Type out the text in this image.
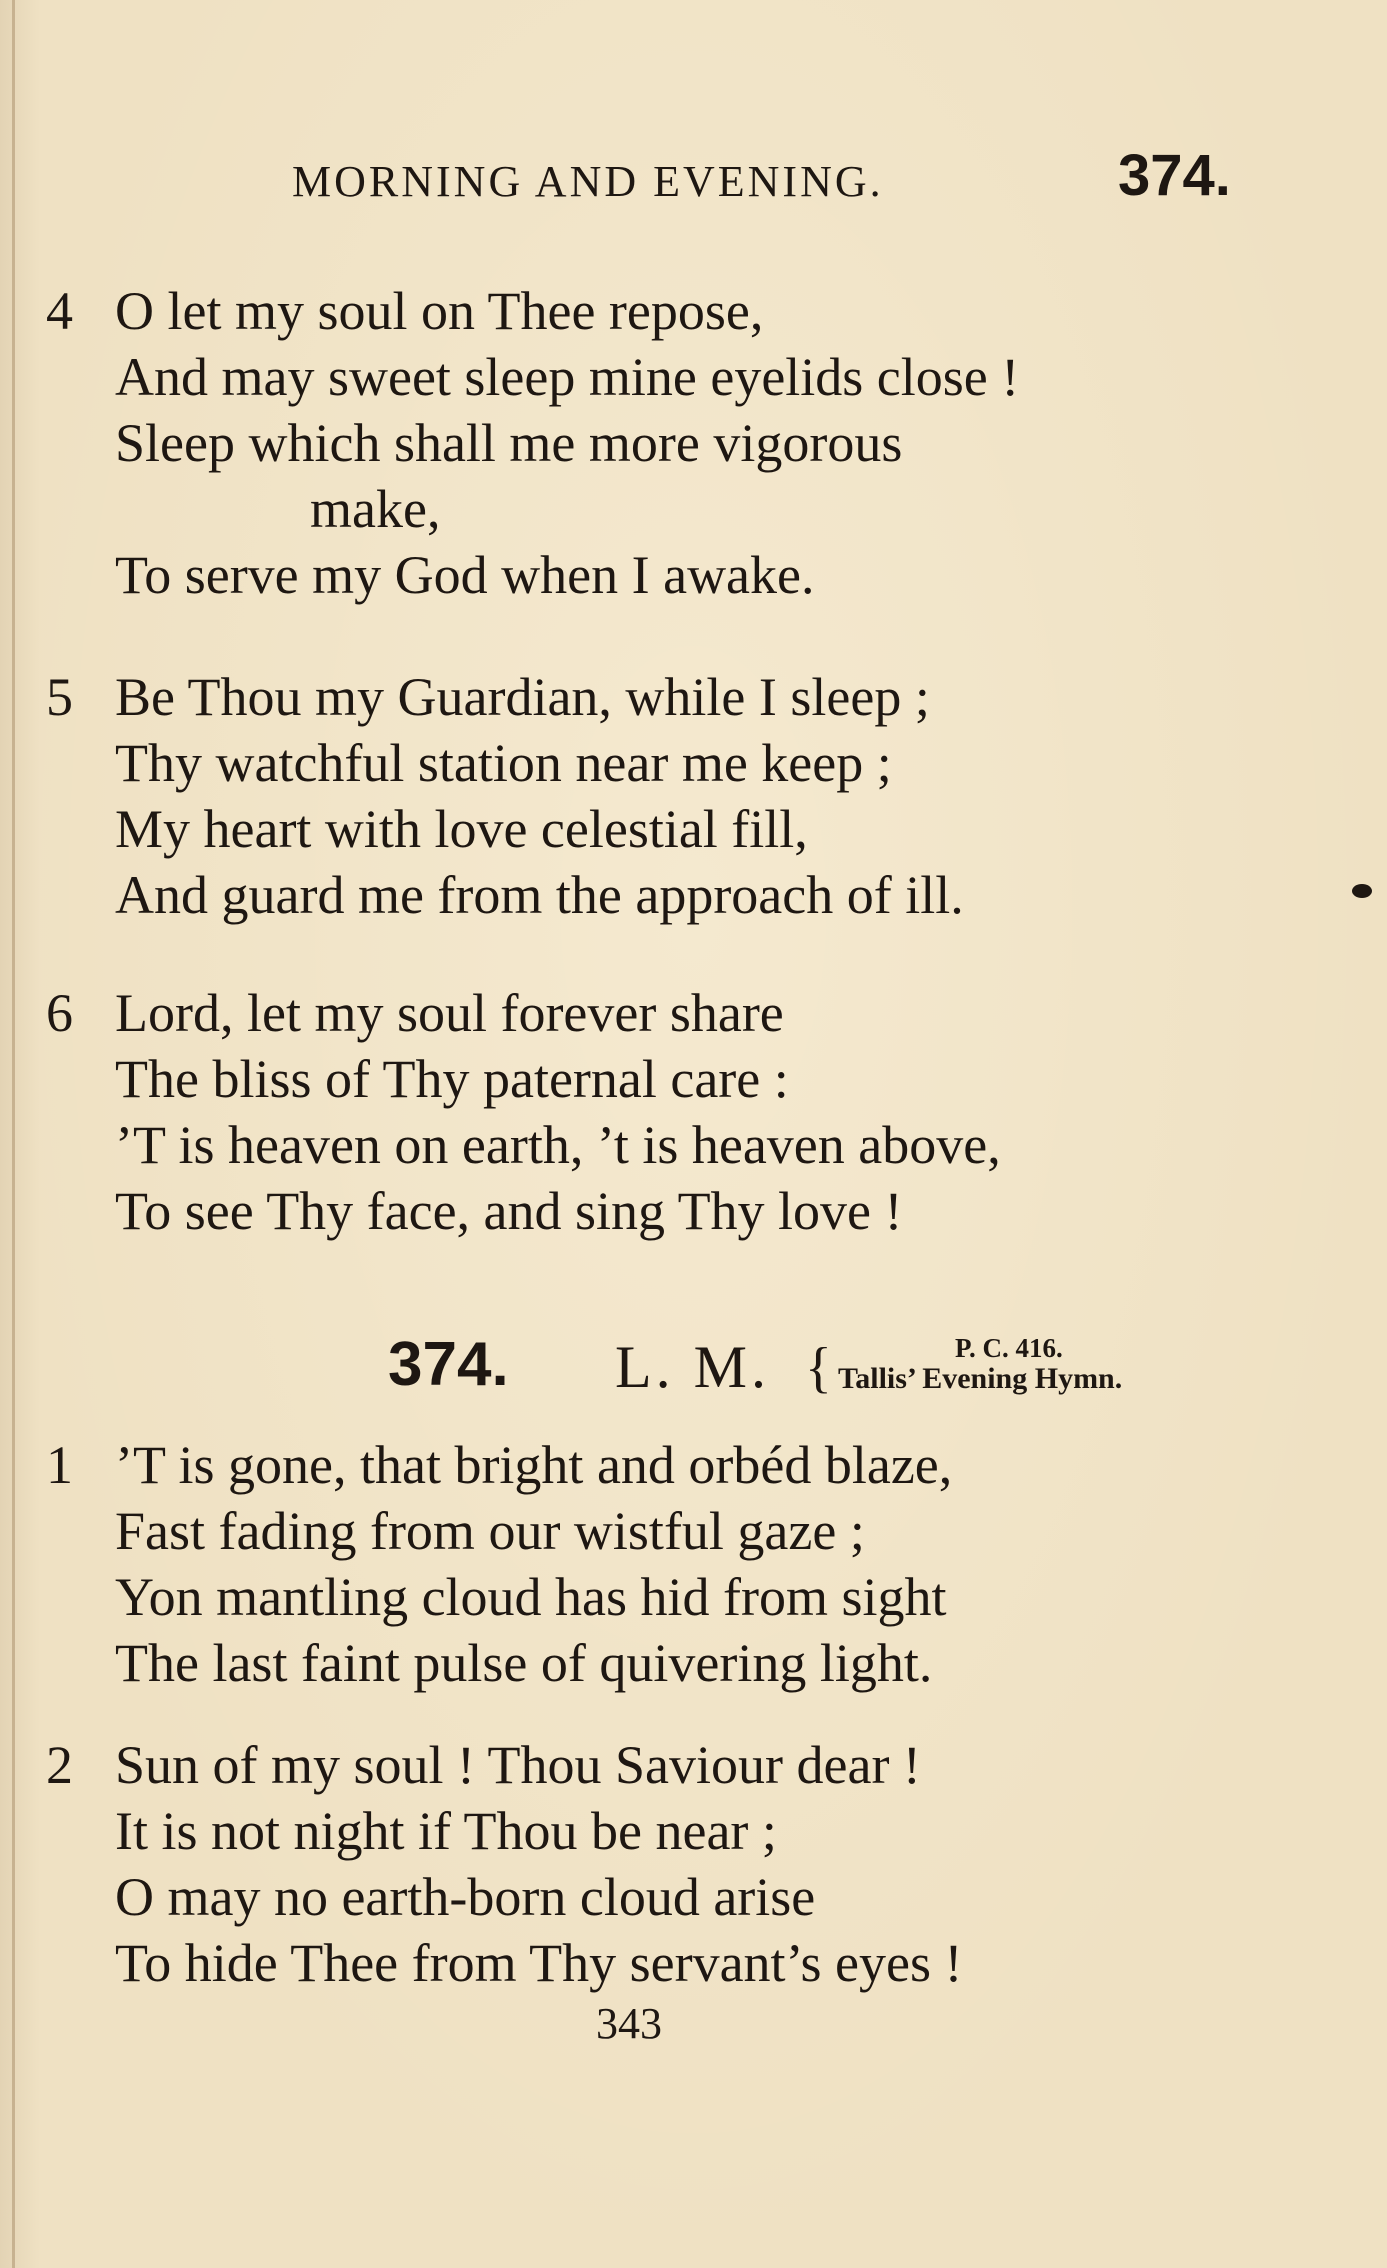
MORNING AND EVENING.	374.
4 O let my soul on Thee repose,
And may sweet sleep mine eyelids close !
Sleep which shall me more vigorous
make,
To serve my God when I awake.
5 Be Thou my Guardian, while I sleep ;
Thy watchful station near me keep ;
My heart with love celestial fill,
And guard me from the approach of ill.
6 Lord, let my soul forever share
The bliss of Thy paternal care :
’T is heaven on earth, ’t is heaven above,
To see Thy face, and sing Thy love !
374. L. M. {	P. C. 416.
Tallis’ Evening Hymn.
1 ’T is gone, that bright and orbéd blaze,
Fast fading from our wistful gaze ;
Yon mantling cloud has hid from sight
The last faint pulse of quivering light.
2 Sun of my soul ! Thou Saviour dear !
It is not night if Thou be near ;
O may no earth-born cloud arise
To hide Thee from Thy servant’s eyes !
343
